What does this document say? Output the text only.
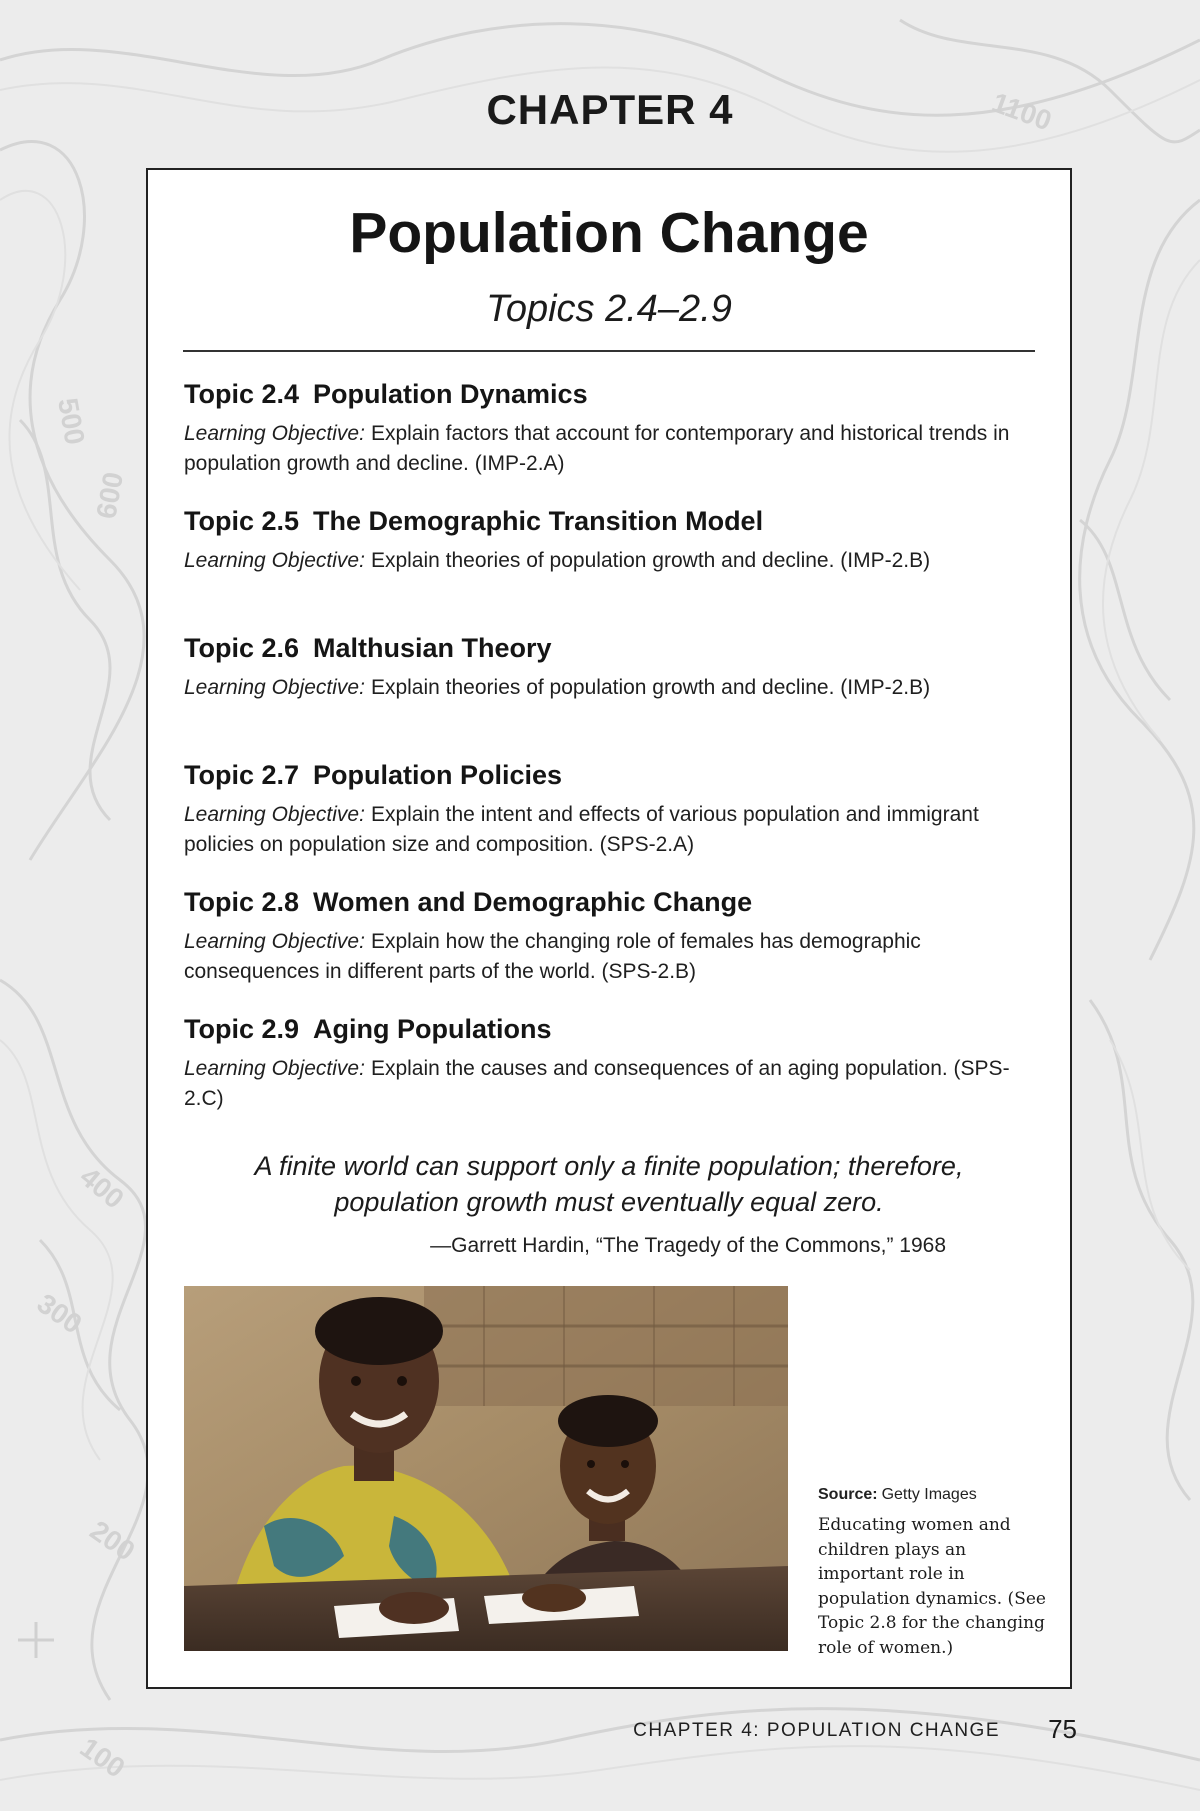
1100
500
600
400
300
200
100
CHAPTER 4
Population Change
Topics 2.4–2.9
Topic 2.4 Population Dynamics
Learning Objective: Explain factors that account for contemporary and historical trends in population growth and decline. (IMP-2.A)
Topic 2.5 The Demographic Transition Model
Learning Objective: Explain theories of population growth and decline. (IMP-2.B)
Topic 2.6 Malthusian Theory
Learning Objective: Explain theories of population growth and decline. (IMP-2.B)
Topic 2.7 Population Policies
Learning Objective: Explain the intent and effects of various population and immigrant policies on population size and composition. (SPS-2.A)
Topic 2.8 Women and Demographic Change
Learning Objective: Explain how the changing role of females has demographic consequences in different parts of the world. (SPS-2.B)
Topic 2.9 Aging Populations
Learning Objective: Explain the causes and consequences of an aging population. (SPS-2.C)
A finite world can support only a finite population; therefore,
population growth must eventually equal zero.
—Garrett Hardin, “The Tragedy of the Commons,” 1968
Source: Getty Images
Educating women and children plays an important role in population dynamics. (See Topic 2.8 for the changing role of women.)
CHAPTER 4: POPULATION CHANGE 75
